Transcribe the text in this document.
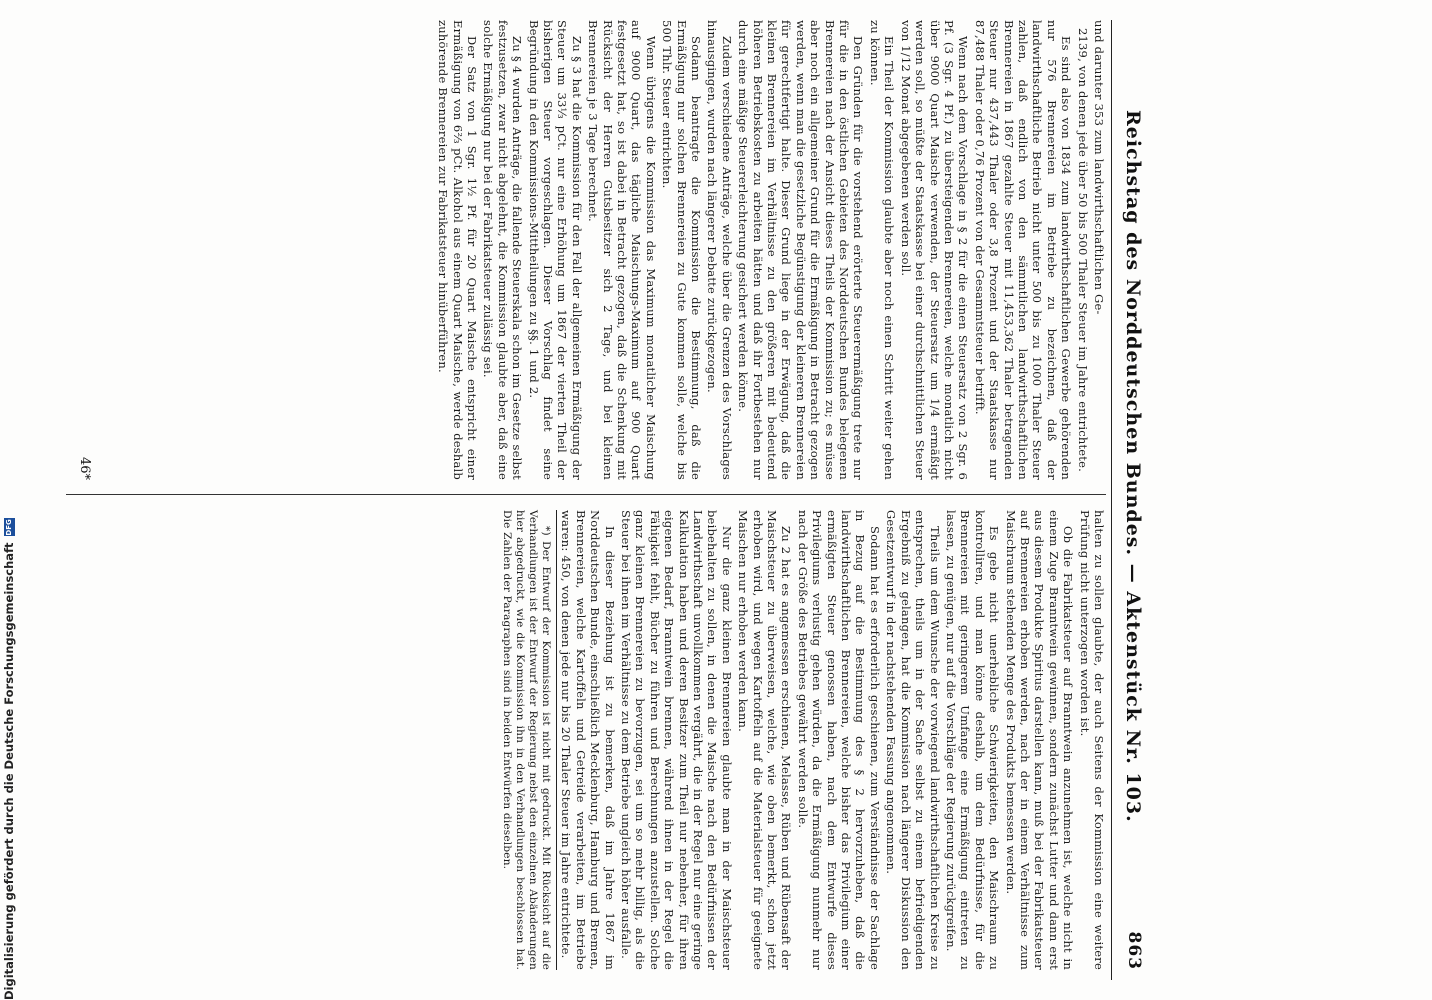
Reichstag des Norddeutschen Bundes. — Aktenstück Nr. 103.
863

und darunter 353 zum landwirthschaftlichen Ge-

2139, von denen jede über 50 bis 500 Thaler Steuer im Jahre entrichtete.

Es sind also von 1834 zum landwirthschaftlichen Gewerbe gehörenden nur 576 Brennereien im Betriebe zu bezeichnen, daß der landwirthschaftliche Betrieb nicht unter 500 bis zu 1000 Thaler Steuer zahlen, daß endlich von den sämmtlichen landwirthschaftlichen Brennereien in 1867 gezahlte Steuer mit 11,453,362 Thaler betragenden Steuer nur 437,443 Thaler oder 3,8 Prozent und der Staatskasse nur 87,488 Thaler oder 0,76 Prozent von der Gesammtsteuer betrifft.

Wenn nach dem Vorschlage in § 2 für die einen Steuersatz von 2 Sgr. 6 Pf. (3 Sgr. 4 Pf.) zu übersteigenden Brennereien, welche monatlich nicht über 9000 Quart Maische verwenden, der Steuersatz um 1/4 ermäßigt werden soll, so müßte der Staatskasse bei einer durchschnittlichen Steuer von 1/12 Monat abgegebenen werden soll.

Ein Theil der Kommission glaubte aber noch einen Schritt weiter gehen zu können.

Den Gründen für die vorstehend erörterte Steuerermäßigung trete nur für die in den östlichen Gebieten des Norddeutschen Bundes belegenen Brennereien nach der Ansicht dieses Theils der Kommission zu; es müsse aber noch ein allgemeiner Grund für die Ermäßigung in Betracht gezogen werden, wenn man die gesetzliche Begünstigung der kleineren Brennereien für gerechtfertigt halte. Dieser Grund liege in der Erwägung, daß die kleinen Brennereien im Verhältnisse zu den größeren mit bedeutend höheren Betriebskosten zu arbeiten hätten und daß ihr Fortbestehen nur durch eine mäßige Steuererleichterung gesichert werden könne.

Zudem verschiedene Anträge, welche über die Grenzen des Vorschlages hinausgingen, wurden nach längerer Debatte zurückgezogen.

Sodann beantragte die Kommission die Bestimmung, daß die Ermäßigung nur solchen Brennereien zu Gute kommen solle, welche bis 500 Thlr. Steuer entrichten.

Wenn übrigens die Kommission das Maximum monatlicher Maischung auf 9000 Quart, das tägliche Maischungs-Maximum auf 900 Quart festgesetzt hat, so ist dabei in Betracht gezogen, daß die Schenkung mit Rücksicht der Herren Gutsbesitzer sich 2 Tage, und bei kleinen Brennereien je 3 Tage berechnet.

Zu § 3 hat die Kommission für den Fall der allgemeinen Ermäßigung der Steuer um 33⅓ pCt. nur eine Erhöhung um 1867 der vierten Theil der bisherigen Steuer vorgeschlagen. Dieser Vorschlag findet seine Begründung in den Kommissions-Mittheilungen zu §§. 1 und 2.

Zu § 4 wurden Anträge, die fallende Steuerskala schon im Gesetze selbst festzusetzen, zwar nicht abgelehnt, die Kommission glaubte aber, daß eine solche Ermäßigung nur bei der Fabrikatsteuer zulässig sei.

Der Satz von 1 Sgr. 1½ Pf. für 20 Quart Maische entspricht einer Ermäßigung von 6⅔ pCt. Alkohol aus einem Quart Maische, werde deshalb zuhörende Brennereien zur Fabrikatsteuer hinüberführen.

halten zu sollen glaubte, der auch Seitens der Kommission eine weitere Prüfung nicht unterzogen worden ist.

Ob die Fabrikatsteuer auf Branntwein anzunehmen ist, welche nicht in einem Zuge Branntwein gewinnen, sondern zunächst Lutter und dann erst aus diesem Produkte Spiritus darstellen kann, muß bei der Fabrikatsteuer auf Brennereien erhoben werden, nach der in einem Verhältnisse zum Maischraum stehenden Menge des Produkts bemessen werden.

Es gebe nicht unerhebliche Schwierigkeiten, den Maischraum zu kontrolliren, und man könne deshalb, um dem Bedürfnisse, für die Brennereien mit geringerem Umfange eine Ermäßigung eintreten zu lassen, zu genügen, nur auf die Vorschläge der Regierung zurückgreifen.

Theils um dem Wunsche der vorwiegend landwirthschaftlichen Kreise zu entsprechen, theils um in der Sache selbst zu einem befriedigenden Ergebniß zu gelangen, hat die Kommission nach längerer Diskussion den Gesetzentwurf in der nachstehenden Fassung angenommen.

Sodann hat es erforderlich geschienen, zum Verständnisse der Sachlage in Bezug auf die Bestimmung des § 2 hervorzuheben, daß die landwirthschaftlichen Brennereien, welche bisher das Privilegium einer ermäßigten Steuer genossen haben, nach dem Entwurfe dieses Privilegiums verlustig gehen würden, da die Ermäßigung nunmehr nur nach der Größe des Betriebes gewährt werden solle.

Zu 2 hat es angemessen erschienen, Melasse, Rüben und Rübensaft der Maischsteuer zu überweisen, welche, wie oben bemerkt, schon jetzt erhoben wird, und wegen Kartoffeln auf die Materialsteuer für geeignete Maischen nur erhoben werden kann.

Nur die ganz kleinen Brennereien glaubte man in der Maischsteuer beibehalten zu sollen, in denen die Maische nach den Bedürfnissen der Landwirthschaft unvollkommen vergährt, die in der Regel nur eine geringe Kalkulation haben und deren Besitzer zum Theil nur nebenher, für ihren eigenen Bedarf, Branntwein brennen, während ihnen in der Regel die Fähigkeit fehlt, Bücher zu führen und Berechnungen anzustellen. Solche ganz kleinen Brennereien zu bevorzugen, sei um so mehr billig, als die Steuer bei ihnen im Verhältnisse zu dem Betriebe ungleich höher ausfalle.

In dieser Beziehung ist zu bemerken, daß im Jahre 1867 im Norddeutschen Bunde, einschließlich Mecklenburg, Hamburg und Bremen, Brennereien, welche Kartoffeln und Getreide verarbeiten, im Betriebe waren: 450, von denen jede nur bis 20 Thaler Steuer im Jahre entrichtete.

*) Der Entwurf der Kommission ist nicht mit gedruckt. Mit Rücksicht auf die Verhandlungen ist der Entwurf der Regierung nebst den einzelnen Abänderungen hier abgedruckt, wie die Kommission ihn in den Verhandlungen beschlossen hat. Die Zahlen der Paragraphen sind in beiden Entwürfen dieselben.

46*
Digitalisierung gefördert durch die Deutsche Forschungsgemeinschaft
DFG
